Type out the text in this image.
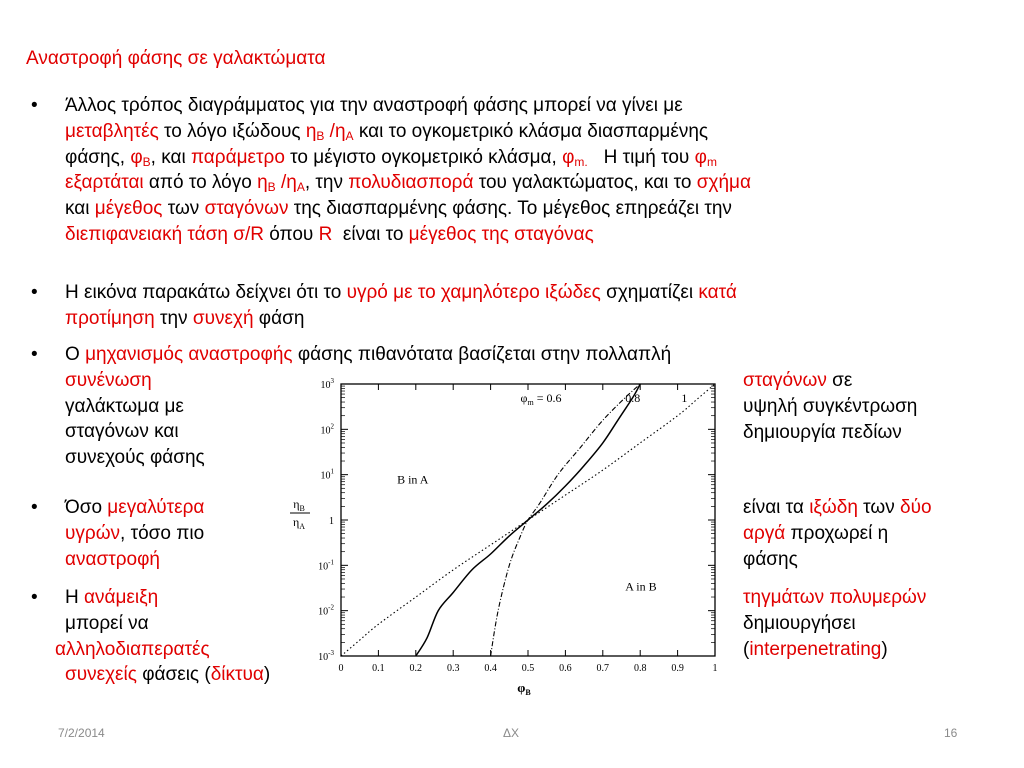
Αναστροφή φάσης σε γαλακτώματα
•
•
•
•
•
Άλλος τρόπος διαγράμματος για την αναστροφή φάσης μπορεί να γίνει με
μεταβλητές το λόγο ιξώδους $\eta_B$ $/\eta_A$ και το ογκομετρικό κλάσμα διασπαρμένης
φάσης, $\varphi_B$, και παράμετρο το μέγιστο ογκομετρικό κλάσμα, $\varphi_{m.}$   Η τιμή του $\varphi_m$
εξαρτάται από το λόγο $\eta_B$ $/\eta_A$, την πολυδιασπορά του γαλακτώματος, και το σχήμα
και μέγεθος των σταγόνων της διασπαρμένης φάσης. Το μέγεθος επηρεάζει την
διεπιφανειακή τάση σ/R όπου R  είναι το μέγεθος της σταγόνας
Η εικόνα παρακάτω δείχνει ότι το υγρό με το χαμηλότερο ιξώδες σχηματίζει κατά
προτίμηση την συνεχή φάση
Ο μηχανισμός αναστροφής φάσης πιθανότατα βασίζεται στην πολλαπλή
συνένωση
γαλάκτωμα με
σταγόνων και
συνεχούς φάσης
σταγόνων σε
υψηλή συγκέντρωση
δημιουργία πεδίων
Όσο μεγαλύτερα
υγρών, τόσο πιο
αναστροφή
είναι τα ιξώδη των δύο
αργά προχωρεί η
φάσης
Η ανάμειξη
μπορεί να
αλληλοδιαπερατές
συνεχείς φάσεις (δίκτυα)
τηγμάτων πολυμερών
δημιουργήσει
(interpenetrating)
0	0.1 0.2 0.3 0.4 0.5 0.6 0.7 0.8 0.9	1
$10^3$
$10^2$
$10^1$
1
$10^{-1}$
$10^{-2}$
$10^{-3}$
$\eta_B$
$\eta_A$
$\varphi_B$
$\varphi_m = 0.6$	0.8	1
B in A
A in B
7/2/2014	ΔΧ	16
